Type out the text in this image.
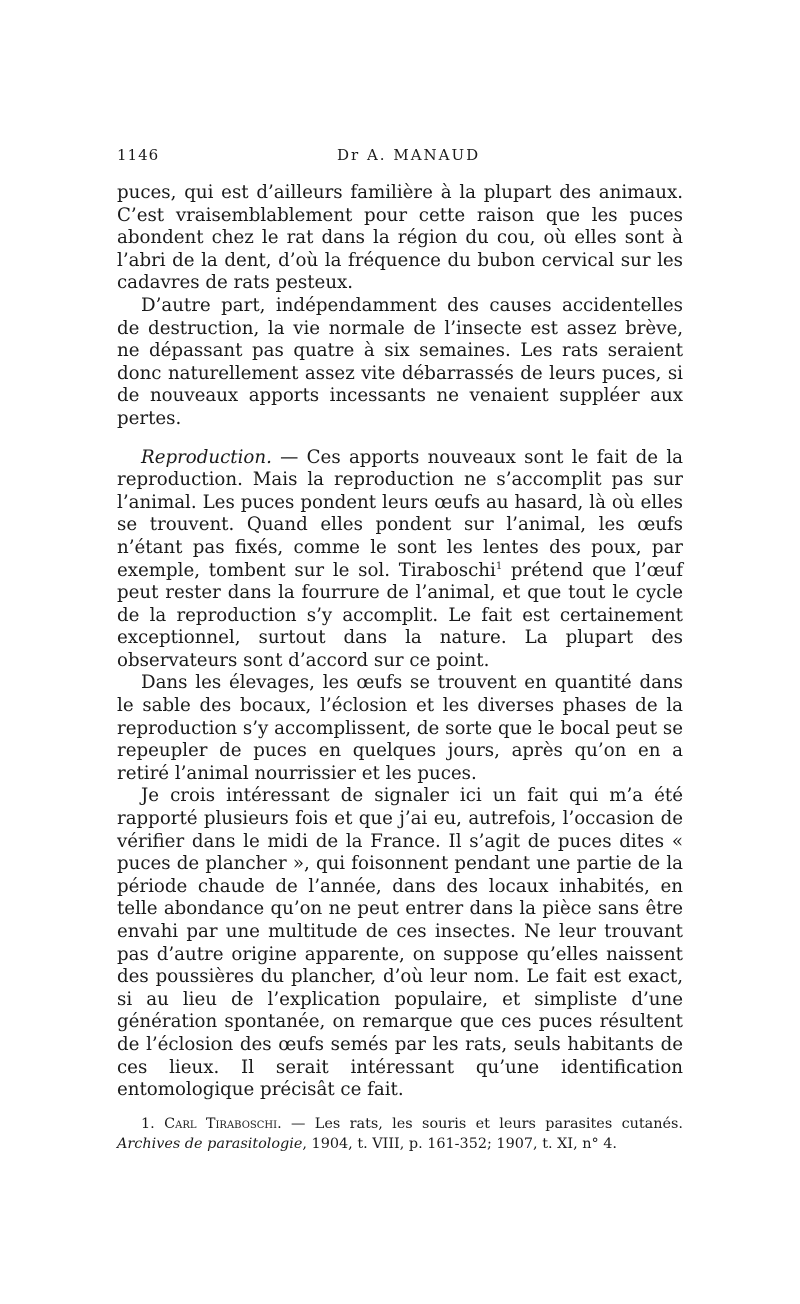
1146	Dr A. MANAUD

puces, qui est d’ailleurs familière à la plupart des animaux. C’est vraisemblablement pour cette raison que les puces abondent chez le rat dans la région du cou, où elles sont à l’abri de la dent, d’où la fréquence du bubon cervical sur les cadavres de rats pesteux.

D’autre part, indépendamment des causes accidentelles de destruction, la vie normale de l’insecte est assez brève, ne dépassant pas quatre à six semaines. Les rats seraient donc naturellement assez vite débarrassés de leurs puces, si de nouveaux apports incessants ne venaient suppléer aux pertes.

Reproduction. — Ces apports nouveaux sont le fait de la reproduction. Mais la reproduction ne s’accomplit pas sur l’animal. Les puces pondent leurs œufs au hasard, là où elles se trouvent. Quand elles pondent sur l’animal, les œufs n’étant pas fixés, comme le sont les lentes des poux, par exemple, tombent sur le sol. Tiraboschi$^1$ prétend que l’œuf peut rester dans la fourrure de l’animal, et que tout le cycle de la reproduction s’y accomplit. Le fait est certainement exceptionnel, surtout dans la nature. La plupart des observateurs sont d’accord sur ce point.

Dans les élevages, les œufs se trouvent en quantité dans le sable des bocaux, l’éclosion et les diverses phases de la reproduction s’y accomplissent, de sorte que le bocal peut se repeupler de puces en quelques jours, après qu’on en a retiré l’animal nourrissier et les puces.

Je crois intéressant de signaler ici un fait qui m’a été rapporté plusieurs fois et que j’ai eu, autrefois, l’occasion de vérifier dans le midi de la France. Il s’agit de puces dites « puces de plancher », qui foisonnent pendant une partie de la période chaude de l’année, dans des locaux inhabités, en telle abondance qu’on ne peut entrer dans la pièce sans être envahi par une multitude de ces insectes. Ne leur trouvant pas d’autre origine apparente, on suppose qu’elles naissent des poussières du plancher, d’où leur nom. Le fait est exact, si au lieu de l’explication populaire, et simpliste d’une génération spontanée, on remarque que ces puces résultent de l’éclosion des œufs semés par les rats, seuls habitants de ces lieux. Il serait intéressant qu’une identification entomologique précisât ce fait.

1. Carl Tiraboschi. — Les rats, les souris et leurs parasites cutanés. Archives de parasitologie, 1904, t. VIII, p. 161-352; 1907, t. XI, n° 4.
